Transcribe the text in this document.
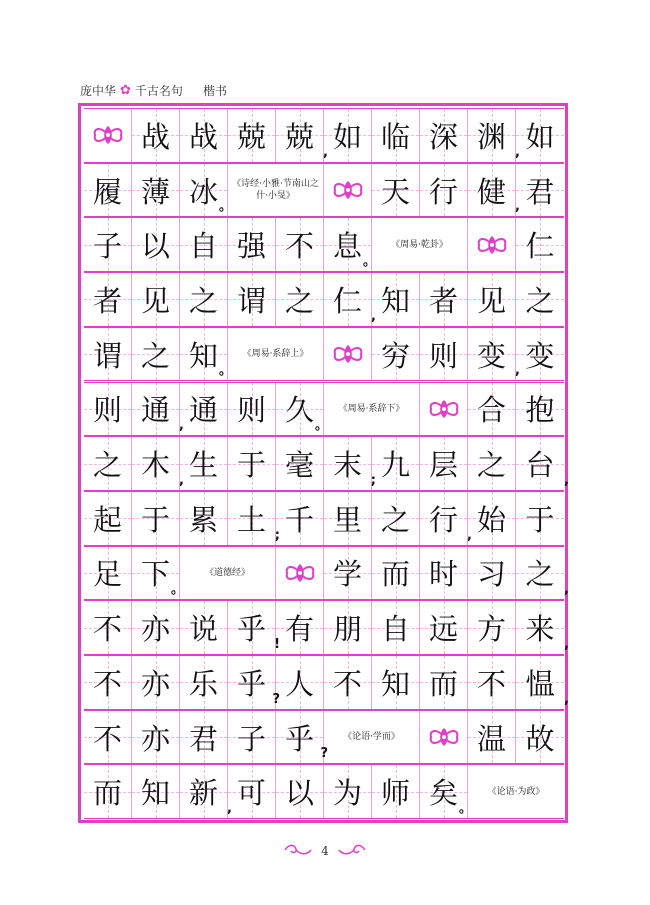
庞中华 ✿ 千古名句 楷书
战 战 兢 兢 , 如 临 深 渊 , 如
履 薄 冰 。
《诗经·小雅·节南山之什·小旻》	天 行 健 , 君
子 以 自 强 不 息 。
《周易·乾卦》	仁
者 见 之 谓 之 仁 , 知 者 见 之
谓 之 知 。
《周易·系辞上》	穷 则 变 , 变
则 通 , 通 则 久 。
《周易·系辞下》	合 抱
之 木 , 生 于 毫 末 ; 九 层 之 台 ,
起 于 累 土 ; 千 里 之 行 , 始 于
足 下 。
《道德经》	学 而 时 习 之 ,
不 亦 说 乎 ! 有 朋 自 远 方 来 ,
不 亦 乐 乎 ? 人 不 知 而 不 愠 ,
不 亦 君 子 乎 ?
《论语·学而》	温 故
而 知 新 , 可 以 为 师 矣 。
《论语·为政》
4
